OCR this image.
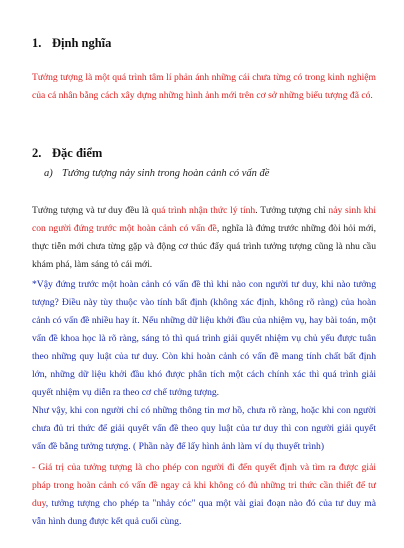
1. Định nghĩa

Tưởng tượng là một quá trình tâm lí phản ánh những cái chưa từng có trong kinh nghiệm của cá nhân bằng cách xây dựng những hình ảnh mới trên cơ sở những biểu tượng đã có.

2. Đặc điểm
a) Tưởng tượng nảy sinh trong hoàn cảnh có vấn đề

Tưởng tượng và tư duy đều là quá trình nhận thức lý tính. Tưởng tượng chỉ nảy sinh khi con người đứng trước một hoàn cảnh có vấn đề, nghĩa là đứng trước những đòi hỏi mới, thực tiễn mới chưa từng gặp và động cơ thúc đẩy quá trình tưởng tượng cũng là nhu cầu khám phá, làm sáng tỏ cái mới.

*Vậy đứng trước một hoàn cảnh có vấn đề thì khi nào con người tư duy, khi nào tưởng tượng? Điều này tùy thuộc vào tính bất định (không xác định, không rõ ràng) của hoàn cảnh có vấn đề nhiều hay ít. Nếu những dữ liệu khởi đầu của nhiệm vụ, hay bài toán, một vấn đề khoa học là rõ ràng, sáng tỏ thì quá trình giải quyết nhiệm vụ chủ yếu được tuân theo những quy luật của tư duy. Còn khi hoàn cảnh có vấn đề mang tính chất bất định lớn, những dữ liệu khởi đầu khó được phân tích một cách chính xác thì quá trình giải quyết nhiệm vụ diễn ra theo cơ chế tưởng tượng.

Như vậy, khi con người chỉ có những thông tin mơ hồ, chưa rõ ràng, hoặc khi con người chưa đủ tri thức để giải quyết vấn đề theo quy luật của tư duy thì con người giải quyết vấn đề bằng tưởng tượng. ( Phần này để lấy hình ảnh làm ví dụ thuyết trình)

- Giá trị của tưởng tượng là cho phép con người đi đến quyết định và tìm ra được giải pháp trong hoàn cảnh có vấn đề ngay cả khi không có đủ những tri thức cần thiết để tư duy, tưởng tượng cho phép ta "nhảy cóc" qua một vài giai đoạn nào đó của tư duy mà vẫn hình dung được kết quả cuối cùng.
